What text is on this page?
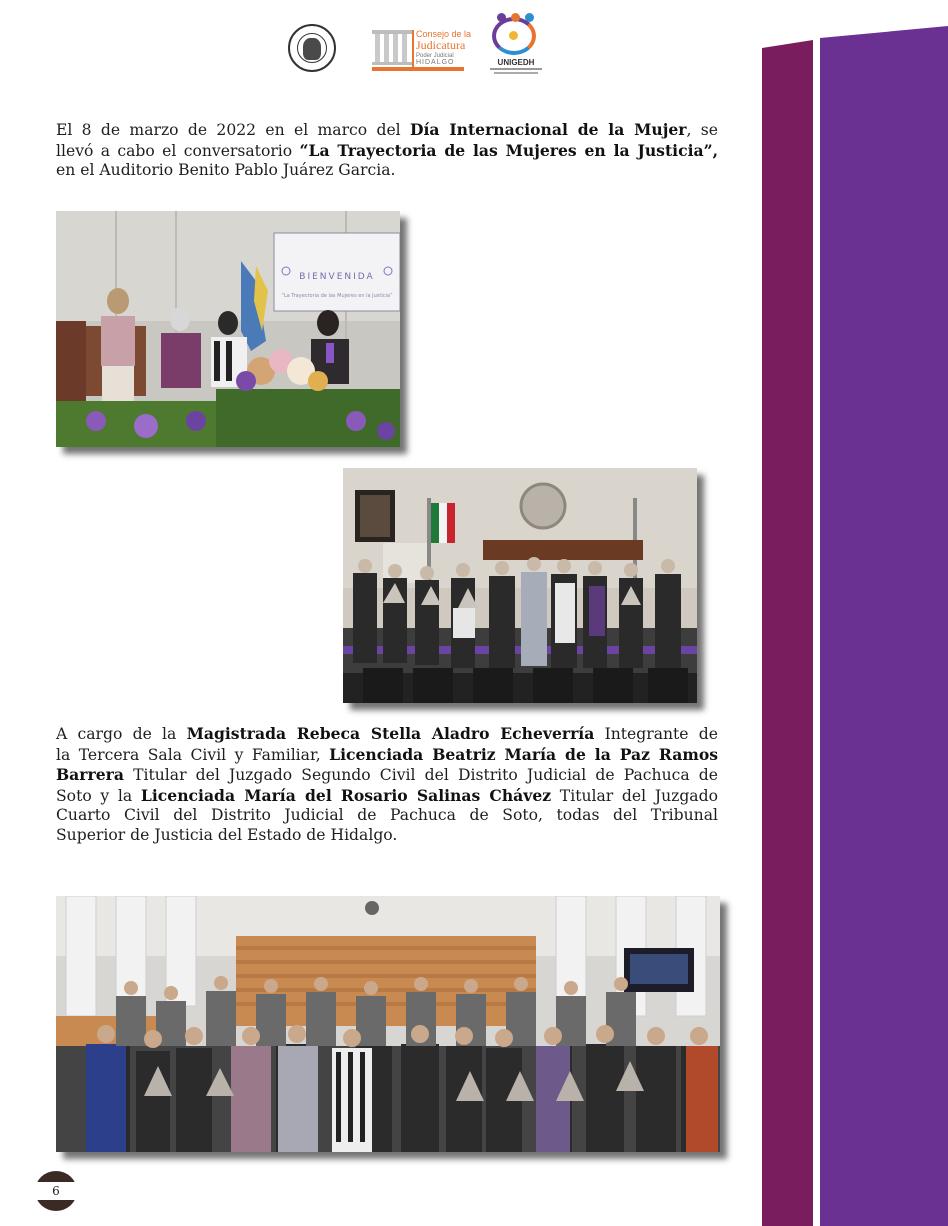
Consejo de la
Judicatura
Poder Judicial
HIDALGO	UNIGEDH
El 8 de marzo de 2022 en el marco del Día Internacional de la Mujer, se
llevó a cabo el conversatorio “La Trayectoria de las Mujeres en la Justicia”,
en el Auditorio Benito Pablo Juárez Garcia.
BIENVENIDA
“La Trayectoria de las Mujeres en la Justicia”
A cargo de la Magistrada Rebeca Stella Aladro Echeverría Integrante de
la Tercera Sala Civil y Familiar, Licenciada Beatriz María de la Paz Ramos
Barrera Titular del Juzgado Segundo Civil del Distrito Judicial de Pachuca de
Soto y la Licenciada María del Rosario Salinas Chávez Titular del Juzgado
Cuarto Civil del Distrito Judicial de Pachuca de Soto, todas del Tribunal
Superior de Justicia del Estado de Hidalgo.
6
